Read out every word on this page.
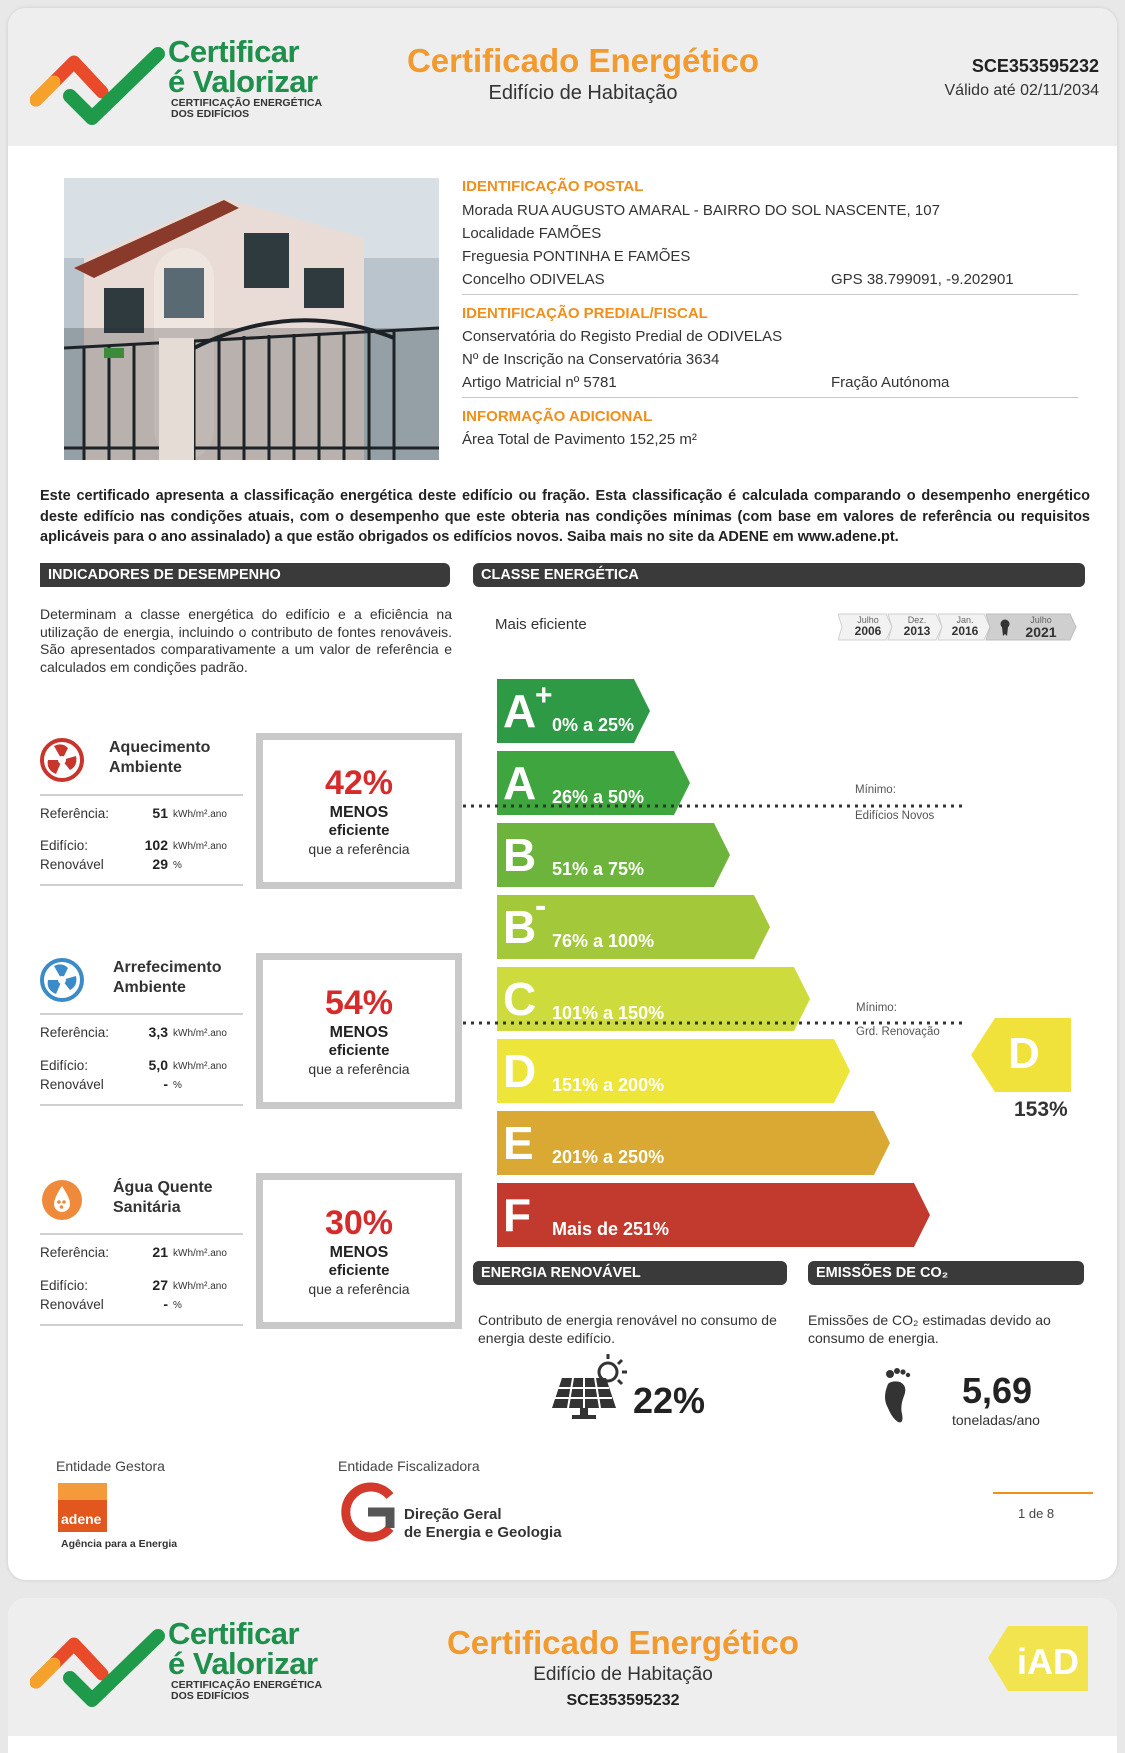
Certificar
é Valorizar
CERTIFICAÇÃO ENERGÉTICA
DOS EDIFÍCIOS
Certificado Energético
Edifício de Habitação
SCE353595232
Válido até 02/11/2034
IDENTIFICAÇÃO POSTAL
Morada RUA AUGUSTO AMARAL - BAIRRO DO SOL NASCENTE, 107
Localidade FAMÕES
Freguesia PONTINHA E FAMÕES
Concelho ODIVELAS	GPS 38.799091, -9.202901
IDENTIFICAÇÃO PREDIAL/FISCAL
Conservatória do Registo Predial de ODIVELAS
Nº de Inscrição na Conservatória 3634
Artigo Matricial nº 5781	Fração Autónoma
INFORMAÇÃO ADICIONAL
Área Total de Pavimento 152,25 m²
Este certificado apresenta a classificação energética deste edifício ou fração. Esta classificação é calculada comparando o desempenho energético deste edifício nas condições atuais, com o desempenho que este obteria nas condições mínimas (com base em valores de referência ou requisitos aplicáveis para o ano assinalado) a que estão obrigados os edifícios novos. Saiba mais no site da ADENE em www.adene.pt.
INDICADORES DE DESEMPENHO
Determinam a classe energética do edifício e a eficiência na utilização de energia, incluindo o contributo de fontes renováveis. São apresentados comparativamente a um valor de referência e calculados em condições padrão.
Aquecimento
Ambiente
Referência:	51 kWh/m².ano
Edifício:	102 kWh/m².ano
Renovável	29 %
42%
MENOS
eficiente
que a referência
Arrefecimento
Ambiente
Referência:	3,3 kWh/m².ano
Edifício:	5,0 kWh/m².ano
Renovável	- %
54%
MENOS
eficiente
que a referência
Água Quente
Sanitária
Referência:	21 kWh/m².ano
Edifício:	27 kWh/m².ano
Renovável	- %
30%
MENOS
eficiente
que a referência
CLASSE ENERGÉTICA
Mais eficiente	Julho
2006
Dez.
2013
Jan.
2016
Julho
2021
A
+
0% a 25%
A 26% a 50%
B 51% a 75%
B
-
76% a 100%
C 101% a 150%
D 151% a 200%
E 201% a 250%
F Mais de 251%
Mínimo:
Edifícios Novos
Mínimo:
Grd. Renovação D
153%
ENERGIA RENOVÁVEL
Contributo de energia renovável no consumo de energia deste edifício.
22%
EMISSÕES DE CO₂
Emissões de CO₂ estimadas devido ao consumo de energia.
5,69
toneladas/ano
Entidade Gestora
adene
Agência para a Energia
Entidade Fiscalizadora
Direção Geral
de Energia e Geologia
1 de 8
Certificar
é Valorizar
CERTIFICAÇÃO ENERGÉTICA
DOS EDIFÍCIOS
Certificado Energético
Edifício de Habitação
SCE353595232
iAD
REAL ESTATE
